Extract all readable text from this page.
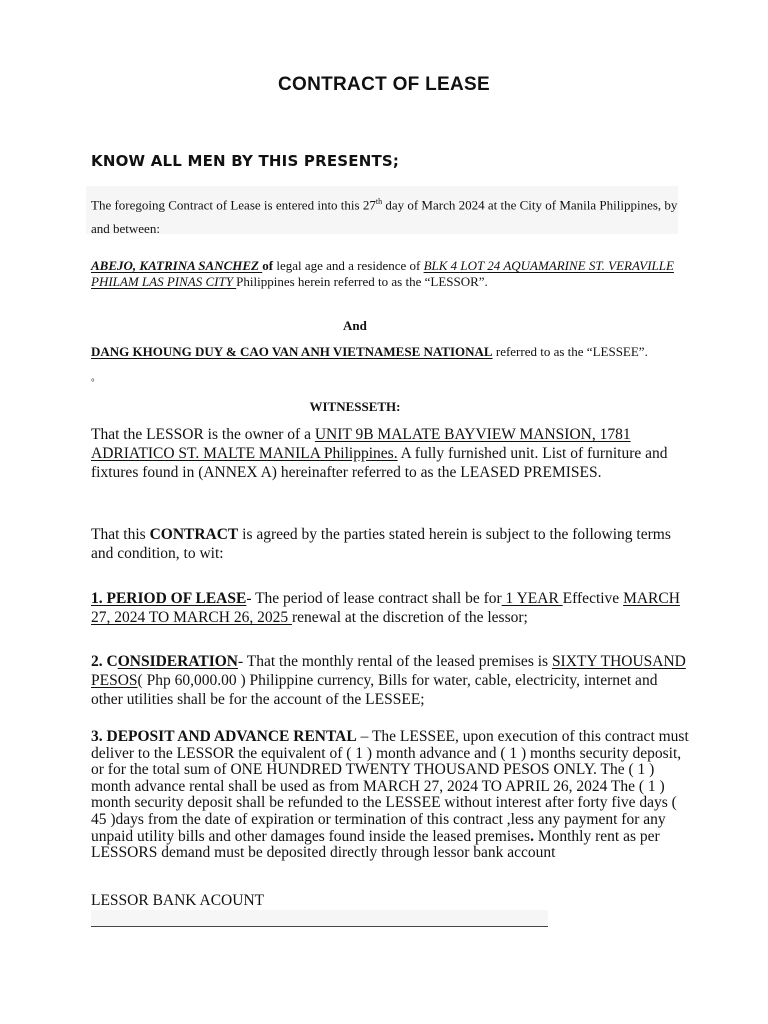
CONTRACT OF LEASE
KNOW ALL MEN BY THIS PRESENTS;
The foregoing Contract of Lease is entered into this 27th day of March 2024 at the City of Manila Philippines, by and between:
ABEJO, KATRINA SANCHEZ of legal age and a residence of BLK 4 LOT 24 AQUAMARINE ST. VERAVILLE PHILAM LAS PINAS CITY Philippines herein referred to as the “LESSOR”.
And
DANG KHOUNG DUY & CAO VAN ANH VIETNAMESE NATIONAL referred to as the “LESSEE”.
°
WITNESSETH:
That the LESSOR is the owner of a UNIT 9B MALATE BAYVIEW MANSION, 1781 ADRIATICO ST. MALTE MANILA Philippines. A fully furnished unit. List of furniture and fixtures found in (ANNEX A) hereinafter referred to as the LEASED PREMISES.
That this CONTRACT is agreed by the parties stated herein is subject to the following terms and condition, to wit:
1. PERIOD OF LEASE- The period of lease contract shall be for 1 YEAR Effective MARCH 27, 2024 TO MARCH 26, 2025 renewal at the discretion of the lessor;
2. CONSIDERATION- That the monthly rental of the leased premises is SIXTY THOUSAND PESOS( Php 60,000.00 ) Philippine currency, Bills for water, cable, electricity, internet and other utilities shall be for the account of the LESSEE;
3. DEPOSIT AND ADVANCE RENTAL – The LESSEE, upon execution of this contract must deliver to the LESSOR the equivalent of ( 1 ) month advance and ( 1 ) months security deposit, or for the total sum of ONE HUNDRED TWENTY THOUSAND PESOS ONLY. The ( 1 ) month advance rental shall be used as from MARCH 27, 2024 TO APRIL 26, 2024 The ( 1 ) month security deposit shall be refunded to the LESSEE without interest after forty five days ( 45 )days from the date of expiration or termination of this contract ,less any payment for any unpaid utility bills and other damages found inside the leased premises. Monthly rent as per LESSORS demand must be deposited directly through lessor bank account
LESSOR BANK ACOUNT
